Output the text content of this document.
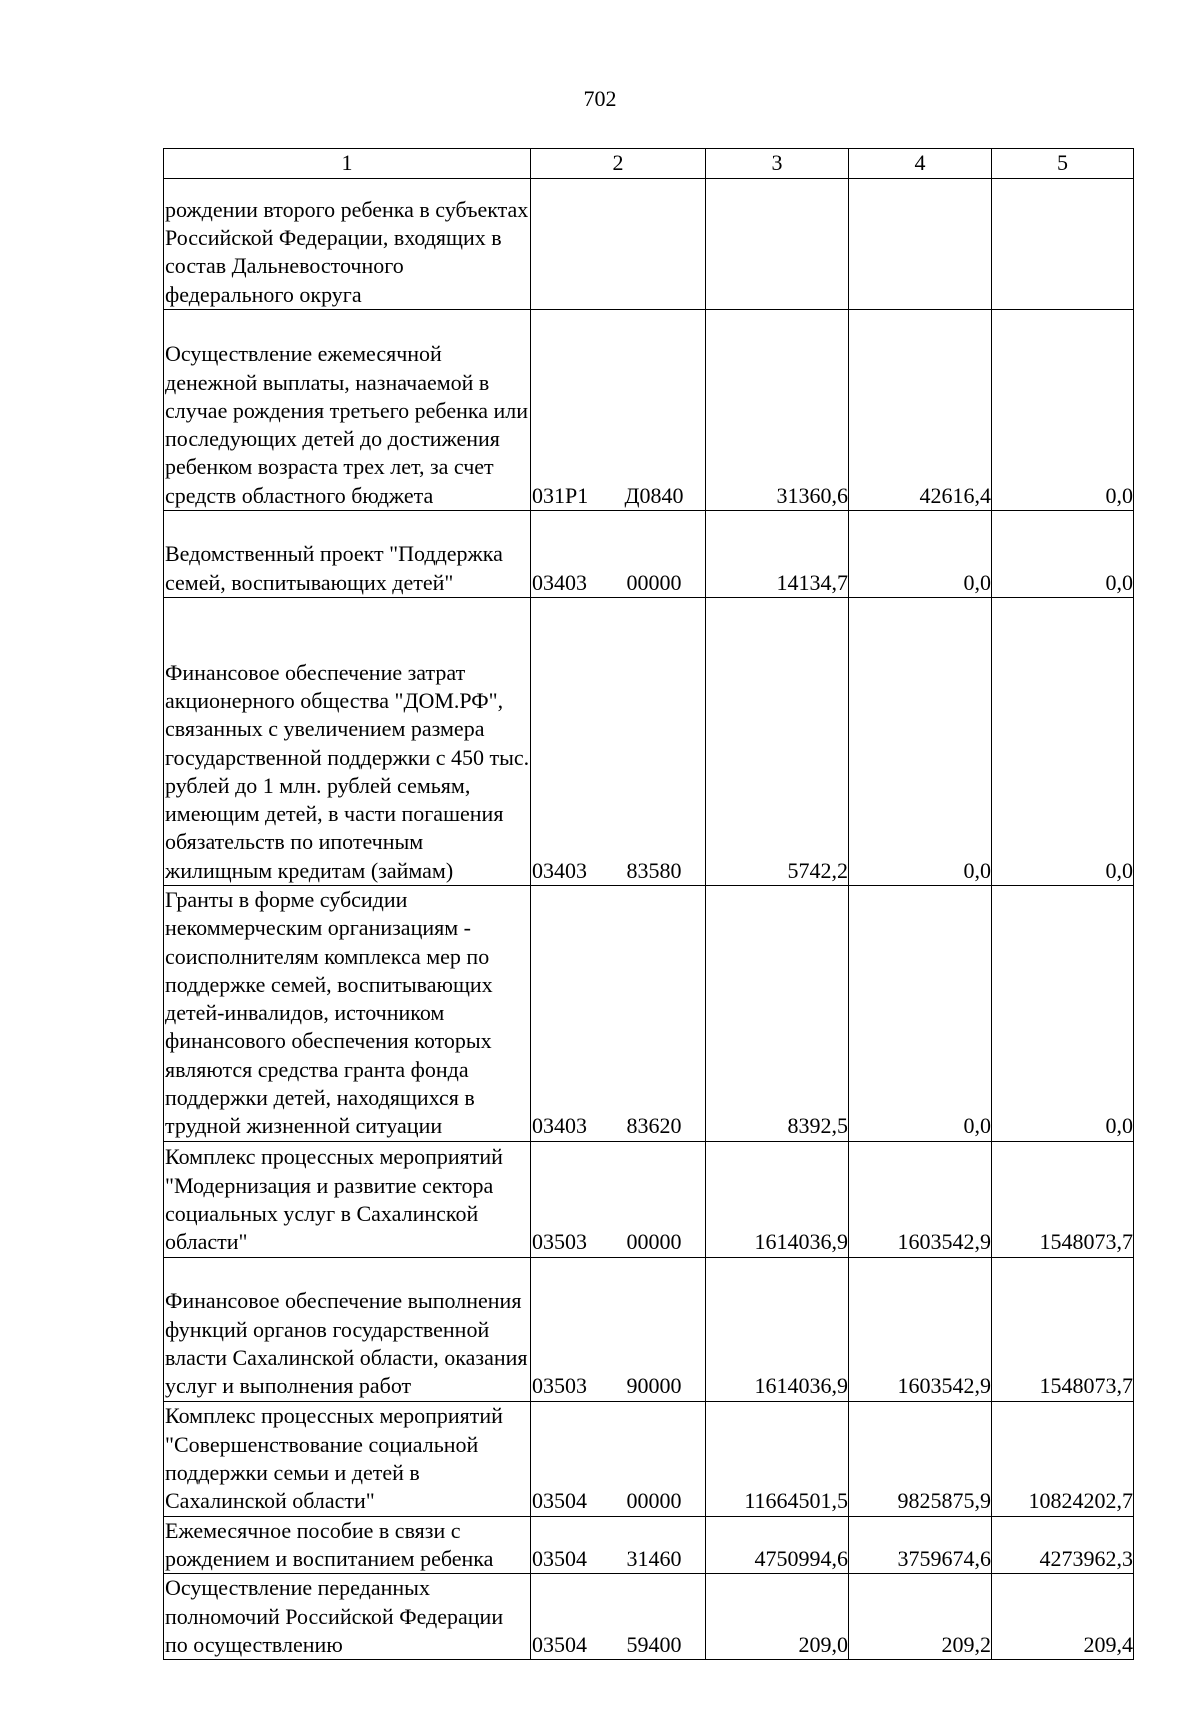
702
1	2	3	4	5
рождении второго ребенка в субъектах Российской Федерации, входящих в состав Дальневосточного федерального округа				
Осуществление ежемесячной денежной выплаты, назначаемой в случае рождения третьего ребенка или последующих детей до достижения ребенком возраста трех лет, за счет средств областного бюджета	031P1 Д0840	31360,6	42616,4	0,0
Ведомственный проект "Поддержка семей, воспитывающих детей"	03403 00000	14134,7	0,0	0,0
Финансовое обеспечение затрат акционерного общества "ДОМ.РФ", связанных с увеличением размера государственной поддержки с 450 тыс. рублей до 1 млн. рублей семьям, имеющим детей, в части погашения обязательств по ипотечным жилищным кредитам (займам)	03403 83580	5742,2	0,0	0,0
Гранты в форме субсидии некоммерческим организациям - соисполнителям комплекса мер по поддержке семей, воспитывающих детей-инвалидов, источником финансового обеспечения которых являются средства гранта фонда поддержки детей, находящихся в трудной жизненной ситуации	03403 83620	8392,5	0,0	0,0
Комплекс процессных мероприятий "Модернизация и развитие сектора социальных услуг в Сахалинской области"	03503 00000	1614036,9	1603542,9	1548073,7
Финансовое обеспечение выполнения функций органов государственной власти Сахалинской области, оказания услуг и выполнения работ	03503 90000	1614036,9	1603542,9	1548073,7
Комплекс процессных мероприятий "Совершенствование социальной поддержки семьи и детей в Сахалинской области"	03504 00000	11664501,5	9825875,9	10824202,7
Ежемесячное пособие в связи с рождением и воспитанием ребенка	03504 31460	4750994,6	3759674,6	4273962,3
Осуществление переданных полномочий Российской Федерации по осуществлению	03504 59400	209,0	209,2	209,4
